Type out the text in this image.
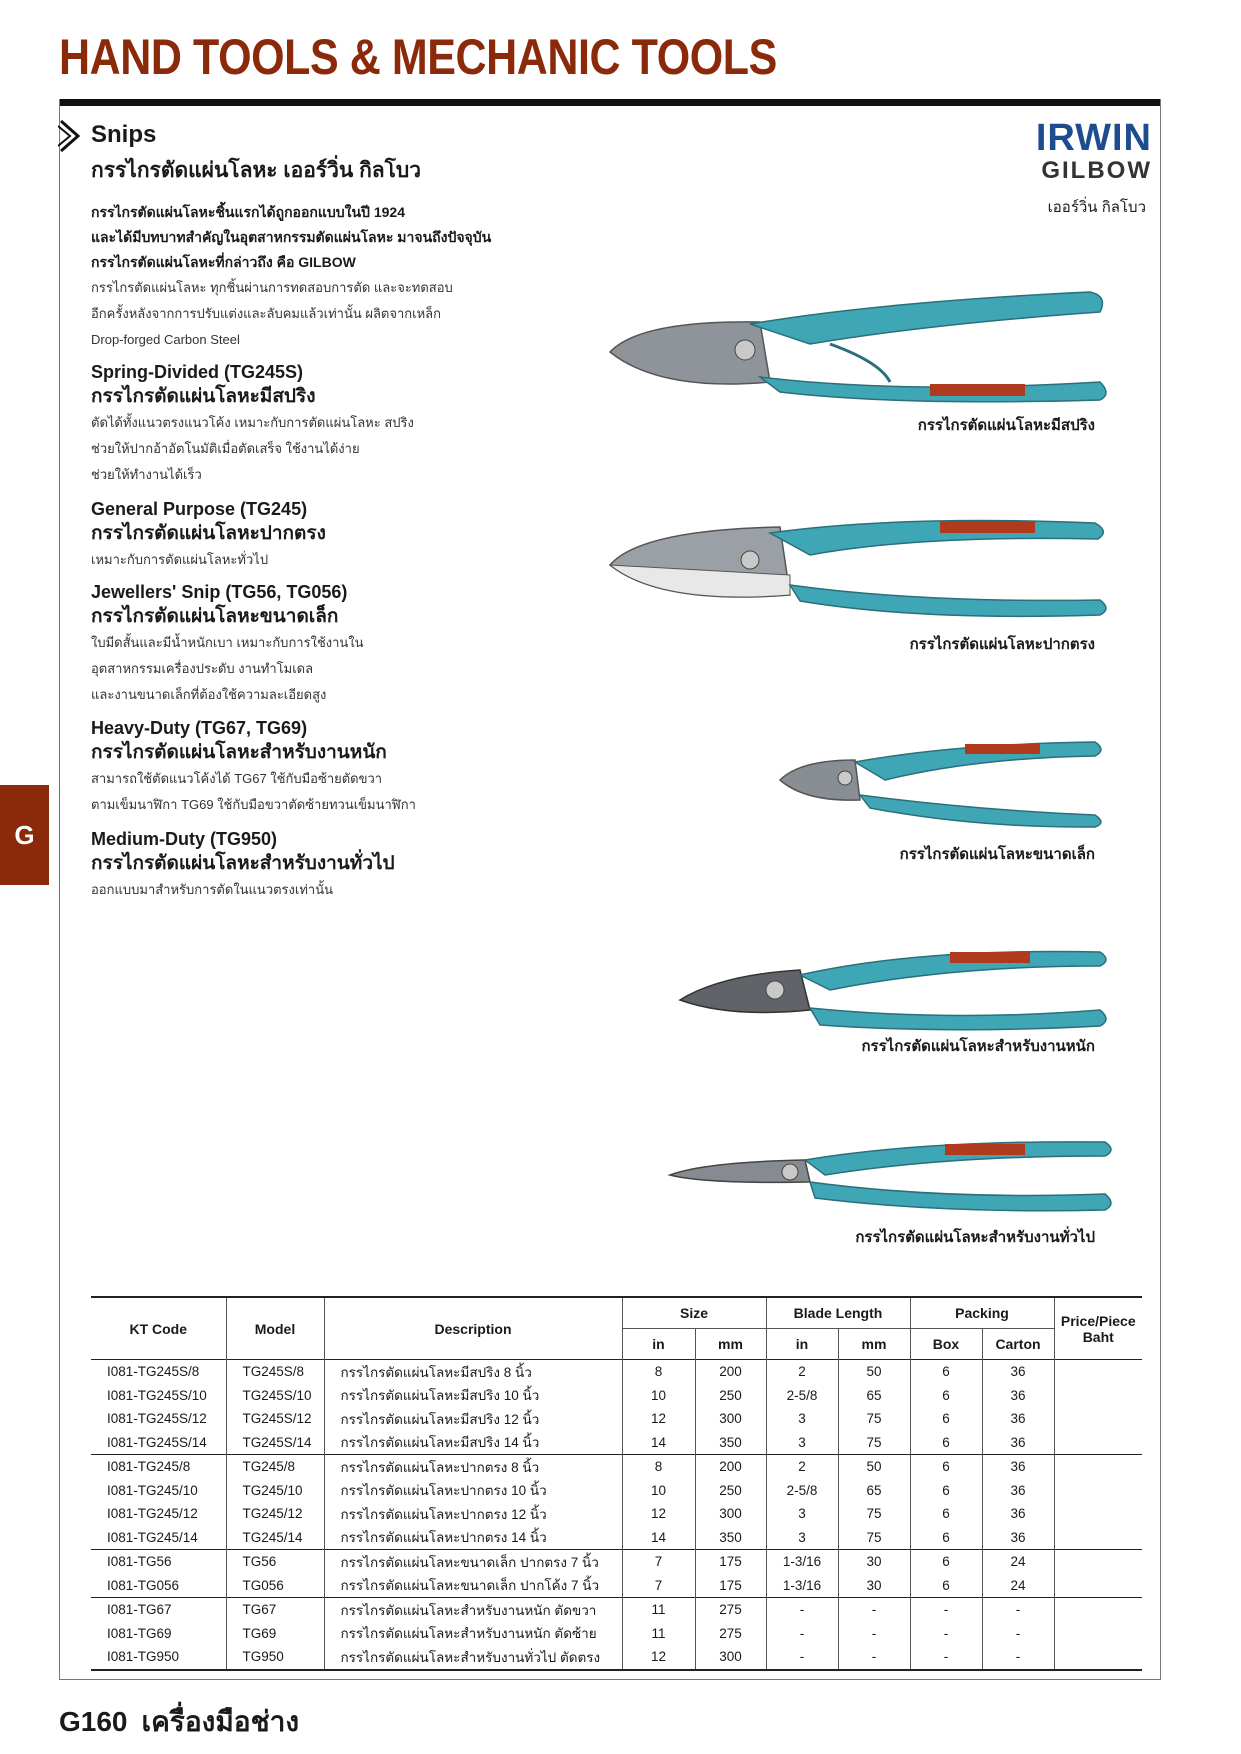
HAND TOOLS & MECHANIC TOOLS
G
Snips
กรรไกรตัดแผ่นโลหะ เออร์วิ่น กิลโบว
IRWIN
GILBOW
เออร์วิ่น กิลโบว
กรรไกรตัดแผ่นโลหะชิ้นแรกได้ถูกออกแบบในปี 1924
และได้มีบทบาทสำคัญในอุตสาหกรรมตัดแผ่นโลหะ มาจนถึงปัจจุบัน
กรรไกรตัดแผ่นโลหะที่กล่าวถึง คือ GILBOW
กรรไกรตัดแผ่นโลหะ ทุกชิ้นผ่านการทดสอบการตัด และจะทดสอบ
อีกครั้งหลังจากการปรับแต่งและลับคมแล้วเท่านั้น ผลิตจากเหล็ก
Drop-forged Carbon Steel
Spring-Divided (TG245S)
กรรไกรตัดแผ่นโลหะมีสปริง
ตัดได้ทั้งแนวตรงแนวโค้ง เหมาะกับการตัดแผ่นโลหะ สปริง
ช่วยให้ปากอ้าอัตโนมัติเมื่อตัดเสร็จ ใช้งานได้ง่าย
ช่วยให้ทำงานได้เร็ว
General Purpose (TG245)
กรรไกรตัดแผ่นโลหะปากตรง
เหมาะกับการตัดแผ่นโลหะทั่วไป
Jewellers' Snip (TG56, TG056)
กรรไกรตัดแผ่นโลหะขนาดเล็ก
ใบมีดสั้นและมีน้ำหนักเบา เหมาะกับการใช้งานใน
อุตสาหกรรมเครื่องประดับ งานทำโมเดล
และงานขนาดเล็กที่ต้องใช้ความละเอียดสูง
Heavy-Duty (TG67, TG69)
กรรไกรตัดแผ่นโลหะสำหรับงานหนัก
สามารถใช้ตัดแนวโค้งได้ TG67 ใช้กับมือซ้ายตัดขวา
ตามเข็มนาฬิกา TG69 ใช้กับมือขวาตัดซ้ายทวนเข็มนาฬิกา
Medium-Duty (TG950)
กรรไกรตัดแผ่นโลหะสำหรับงานทั่วไป
ออกแบบมาสำหรับการตัดในแนวตรงเท่านั้น
กรรไกรตัดแผ่นโลหะมีสปริง
กรรไกรตัดแผ่นโลหะปากตรง
กรรไกรตัดแผ่นโลหะขนาดเล็ก
กรรไกรตัดแผ่นโลหะสำหรับงานหนัก
กรรไกรตัดแผ่นโลหะสำหรับงานทั่วไป
KT Code	Model	Description	Size		Blade Length		Packing		Price/Piece
Baht

			in	mm	in	mm	Box	Carton	
I081-TG245S/8	TG245S/8	กรรไกรตัดแผ่นโลหะมีสปริง 8 นิ้ว	8	200	2	50	6	36	
I081-TG245S/10	TG245S/10	กรรไกรตัดแผ่นโลหะมีสปริง 10 นิ้ว	10	250	2-5/8	65	6	36	
I081-TG245S/12	TG245S/12	กรรไกรตัดแผ่นโลหะมีสปริง 12 นิ้ว	12	300	3	75	6	36	
I081-TG245S/14	TG245S/14	กรรไกรตัดแผ่นโลหะมีสปริง 14 นิ้ว	14	350	3	75	6	36	
I081-TG245/8	TG245/8	กรรไกรตัดแผ่นโลหะปากตรง 8 นิ้ว	8	200	2	50	6	36	
I081-TG245/10	TG245/10	กรรไกรตัดแผ่นโลหะปากตรง 10 นิ้ว	10	250	2-5/8	65	6	36	
I081-TG245/12	TG245/12	กรรไกรตัดแผ่นโลหะปากตรง 12 นิ้ว	12	300	3	75	6	36	
I081-TG245/14	TG245/14	กรรไกรตัดแผ่นโลหะปากตรง 14 นิ้ว	14	350	3	75	6	36	
I081-TG56	TG56	กรรไกรตัดแผ่นโลหะขนาดเล็ก ปากตรง 7 นิ้ว	7	175	1-3/16	30	6	24	
I081-TG056	TG056	กรรไกรตัดแผ่นโลหะขนาดเล็ก ปากโค้ง 7 นิ้ว	7	175	1-3/16	30	6	24	
I081-TG67	TG67	กรรไกรตัดแผ่นโลหะสำหรับงานหนัก ตัดขวา	11	275	-	-	-	-	
I081-TG69	TG69	กรรไกรตัดแผ่นโลหะสำหรับงานหนัก ตัดซ้าย	11	275	-	-	-	-	
I081-TG950	TG950	กรรไกรตัดแผ่นโลหะสำหรับงานทั่วไป ตัดตรง	12	300	-	-	-	-	
G160 เครื่องมือช่าง
